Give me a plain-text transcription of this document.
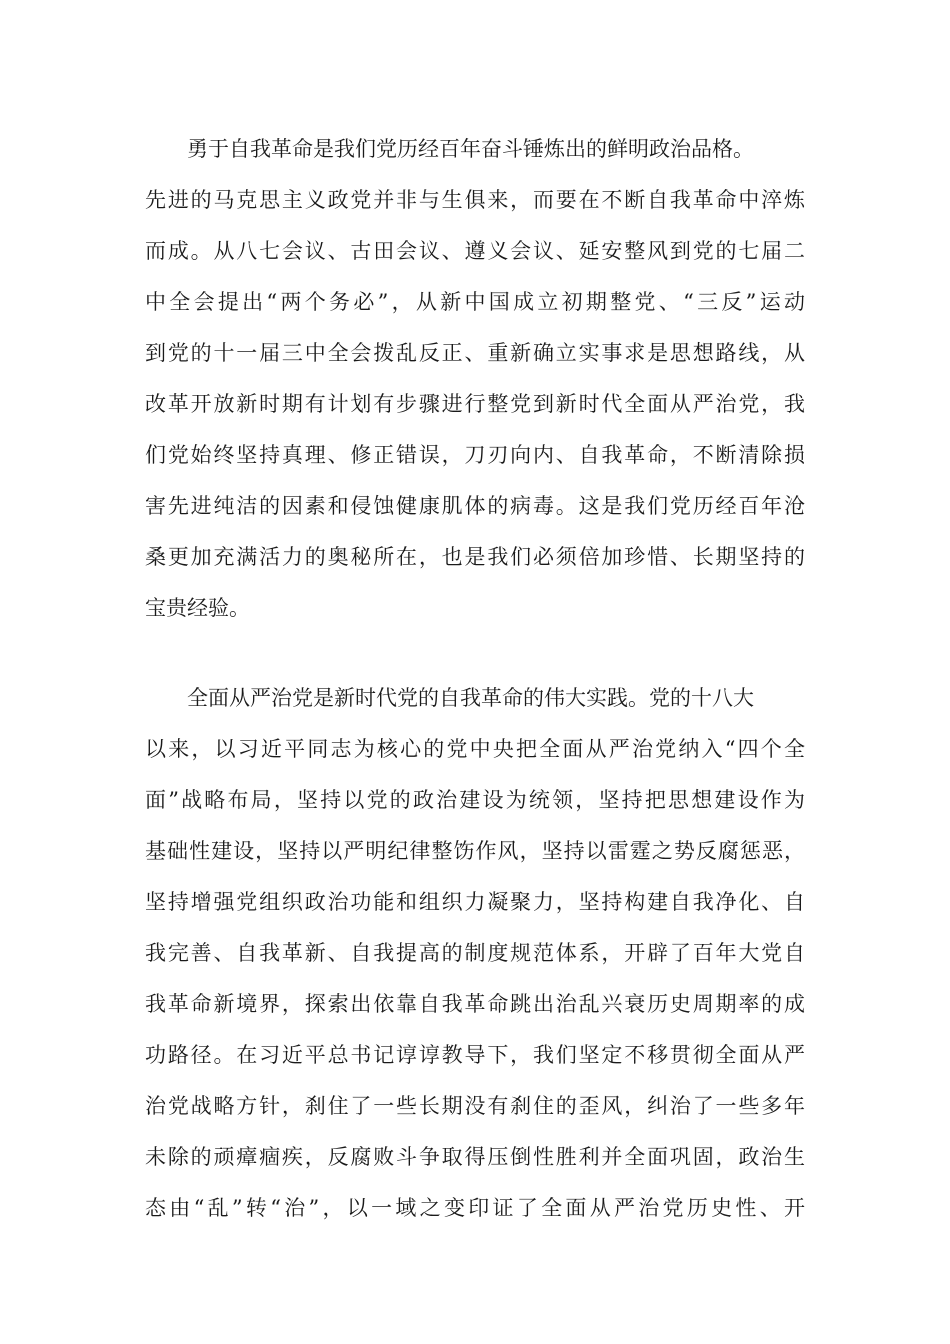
勇于自我革命是我们党历经百年奋斗锤炼出的鲜明政治品格。
先进的马克思主义政党并非与生俱来，而要在不断自我革命中淬炼
而成。从八七会议、古田会议、遵义会议、延安整风到党的七届二
中全会提出“两个务必”，从新中国成立初期整党、“三反”运动
到党的十一届三中全会拨乱反正、重新确立实事求是思想路线，从
改革开放新时期有计划有步骤进行整党到新时代全面从严治党，我
们党始终坚持真理、修正错误，刀刃向内、自我革命，不断清除损
害先进纯洁的因素和侵蚀健康肌体的病毒。这是我们党历经百年沧
桑更加充满活力的奥秘所在，也是我们必须倍加珍惜、长期坚持的
宝贵经验。
全面从严治党是新时代党的自我革命的伟大实践。党的十八大
以来，以习近平同志为核心的党中央把全面从严治党纳入“四个全
面”战略布局，坚持以党的政治建设为统领，坚持把思想建设作为
基础性建设，坚持以严明纪律整饬作风，坚持以雷霆之势反腐惩恶，
坚持增强党组织政治功能和组织力凝聚力，坚持构建自我净化、自
我完善、自我革新、自我提高的制度规范体系，开辟了百年大党自
我革命新境界，探索出依靠自我革命跳出治乱兴衰历史周期率的成
功路径。在习近平总书记谆谆教导下，我们坚定不移贯彻全面从严
治党战略方针，刹住了一些长期没有刹住的歪风，纠治了一些多年
未除的顽瘴痼疾，反腐败斗争取得压倒性胜利并全面巩固，政治生
态由“乱”转“治”，以一域之变印证了全面从严治党历史性、开
